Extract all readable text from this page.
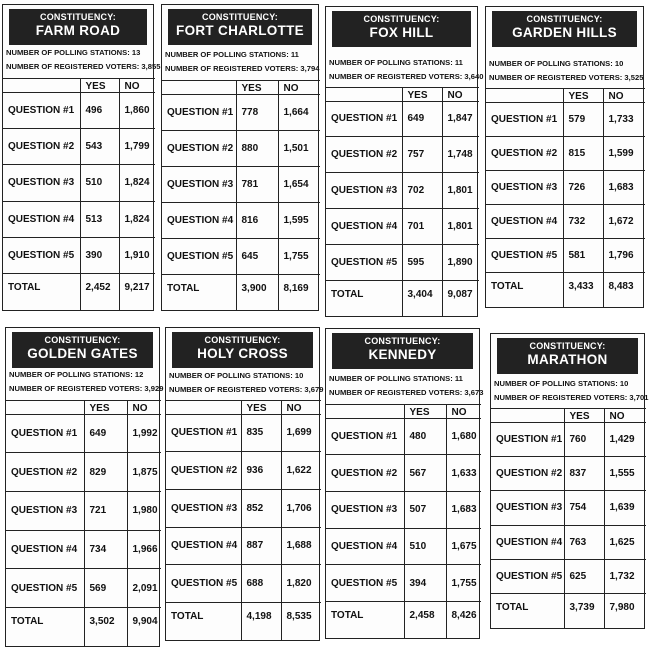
CONSTITUENCY:
FARM ROAD
NUMBER OF POLLING STATIONS: 13
NUMBER OF REGISTERED VOTERS: 3,855
	YES	NO
QUESTION #1	496	1,860
QUESTION #2	543	1,799
QUESTION #3	510	1,824
QUESTION #4	513	1,824
QUESTION #5	390	1,910
TOTAL	2,452	9,217
CONSTITUENCY:
FORT CHARLOTTE
NUMBER OF POLLING STATIONS: 11
NUMBER OF REGISTERED VOTERS: 3,794
	YES	NO
QUESTION #1	778	1,664
QUESTION #2	880	1,501
QUESTION #3	781	1,654
QUESTION #4	816	1,595
QUESTION #5	645	1,755
TOTAL	3,900	8,169
CONSTITUENCY:
FOX HILL
NUMBER OF POLLING STATIONS: 11
NUMBER OF REGISTERED VOTERS: 3,640
	YES	NO
QUESTION #1	649	1,847
QUESTION #2	757	1,748
QUESTION #3	702	1,801
QUESTION #4	701	1,801
QUESTION #5	595	1,890
TOTAL	3,404	9,087
CONSTITUENCY:
GARDEN HILLS
NUMBER OF POLLING STATIONS: 10
NUMBER OF REGISTERED VOTERS: 3,525
	YES	NO
QUESTION #1	579	1,733
QUESTION #2	815	1,599
QUESTION #3	726	1,683
QUESTION #4	732	1,672
QUESTION #5	581	1,796
TOTAL	3,433	8,483
CONSTITUENCY:
GOLDEN GATES
NUMBER OF POLLING STATIONS: 12
NUMBER OF REGISTERED VOTERS: 3,929
	YES	NO
QUESTION #1	649	1,992
QUESTION #2	829	1,875
QUESTION #3	721	1,980
QUESTION #4	734	1,966
QUESTION #5	569	2,091
TOTAL	3,502	9,904
CONSTITUENCY:
HOLY CROSS
NUMBER OF POLLING STATIONS: 10
NUMBER OF REGISTERED VOTERS: 3,679
	YES	NO
QUESTION #1	835	1,699
QUESTION #2	936	1,622
QUESTION #3	852	1,706
QUESTION #4	887	1,688
QUESTION #5	688	1,820
TOTAL	4,198	8,535
CONSTITUENCY:
KENNEDY
NUMBER OF POLLING STATIONS: 11
NUMBER OF REGISTERED VOTERS: 3,673
	YES	NO
QUESTION #1	480	1,680
QUESTION #2	567	1,633
QUESTION #3	507	1,683
QUESTION #4	510	1,675
QUESTION #5	394	1,755
TOTAL	2,458	8,426
CONSTITUENCY:
MARATHON
NUMBER OF POLLING STATIONS: 10
NUMBER OF REGISTERED VOTERS: 3,701
	YES	NO
QUESTION #1	760	1,429
QUESTION #2	837	1,555
QUESTION #3	754	1,639
QUESTION #4	763	1,625
QUESTION #5	625	1,732
TOTAL	3,739	7,980
